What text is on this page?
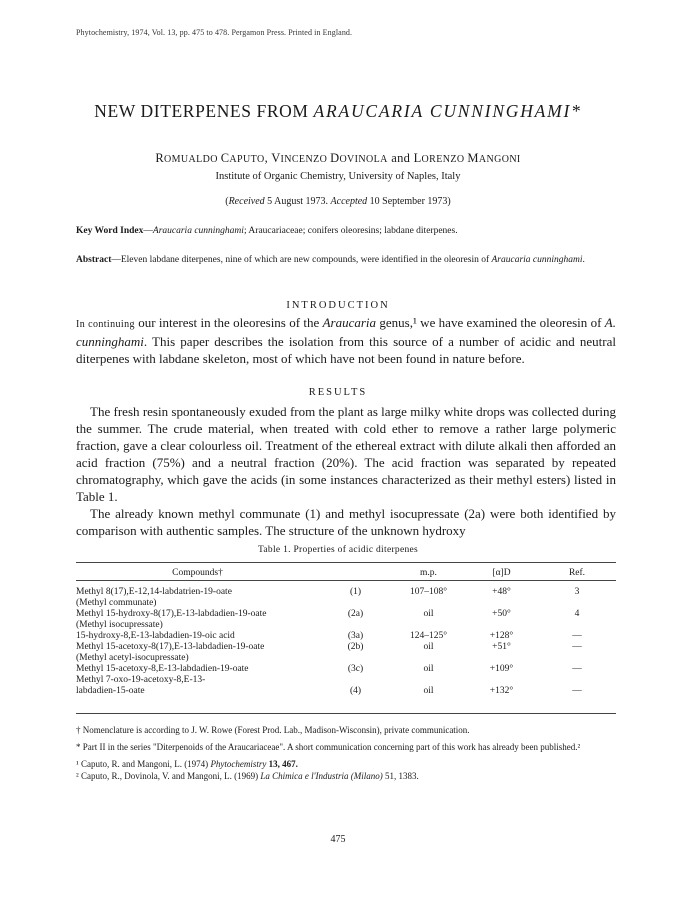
Phytochemistry, 1974, Vol. 13, pp. 475 to 478. Pergamon Press. Printed in England.
NEW DITERPENES FROM ARAUCARIA CUNNINGHAMI*
ROMUALDO CAPUTO, VINCENZO DOVINOLA and LORENZO MANGONI
Institute of Organic Chemistry, University of Naples, Italy
(Received 5 August 1973. Accepted 10 September 1973)
Key Word Index—Araucaria cunninghami; Araucariaceae; conifers oleoresins; labdane diterpenes.
Abstract—Eleven labdane diterpenes, nine of which are new compounds, were identified in the oleoresin of Araucaria cunninghami.
INTRODUCTION
In continuing our interest in the oleoresins of the Araucaria genus,¹ we have examined the oleoresin of A. cunninghami. This paper describes the isolation from this source of a number of acidic and neutral diterpenes with labdane skeleton, most of which have not been found in nature before.
RESULTS
The fresh resin spontaneously exuded from the plant as large milky white drops was collected during the summer. The crude material, when treated with cold ether to remove a rather large polymeric fraction, gave a clear colourless oil. Treatment of the ethereal extract with dilute alkali then afforded an acid fraction (75%) and a neutral fraction (20%). The acid fraction was separated by repeated chromatography, which gave the acids (in some instances characterized as their methyl esters) listed in Table 1.
The already known methyl communate (1) and methyl isocupressate (2a) were both identified by comparison with authentic samples. The structure of the unknown hydroxy
Table 1. Properties of acidic diterpenes
Compounds†		m.p.	[α]D	Ref.

Methyl 8(17),E-12,14-labdatrien-19-oate	(1)	107–108°	+48°	3
(Methyl communate)				
Methyl 15-hydroxy-8(17),E-13-labdadien-19-oate	(2a)	oil	+50°	4
(Methyl isocupressate)				
15-hydroxy-8,E-13-labdadien-19-oic acid	(3a)	124–125°	+128°	—
Methyl 15-acetoxy-8(17),E-13-labdadien-19-oate	(2b)	oil	+51°	—
(Methyl acetyl-isocupressate)				
Methyl 15-acetoxy-8,E-13-labdadien-19-oate	(3c)	oil	+109°	—
Methyl 7-oxo-19-acetoxy-8,E-13-				
labdadien-15-oate	(4)	oil	+132°	—

† Nomenclature is according to J. W. Rowe (Forest Prod. Lab., Madison-Wisconsin), private communication.

* Part II in the series "Diterpenoids of the Araucariaceae". A short communication concerning part of this work has already been published.²

¹ Caputo, R. and Mangoni, L. (1974) Phytochemistry 13, 467.

² Caputo, R., Dovinola, V. and Mangoni, L. (1969) La Chimica e l'Industria (Milano) 51, 1383.

475
